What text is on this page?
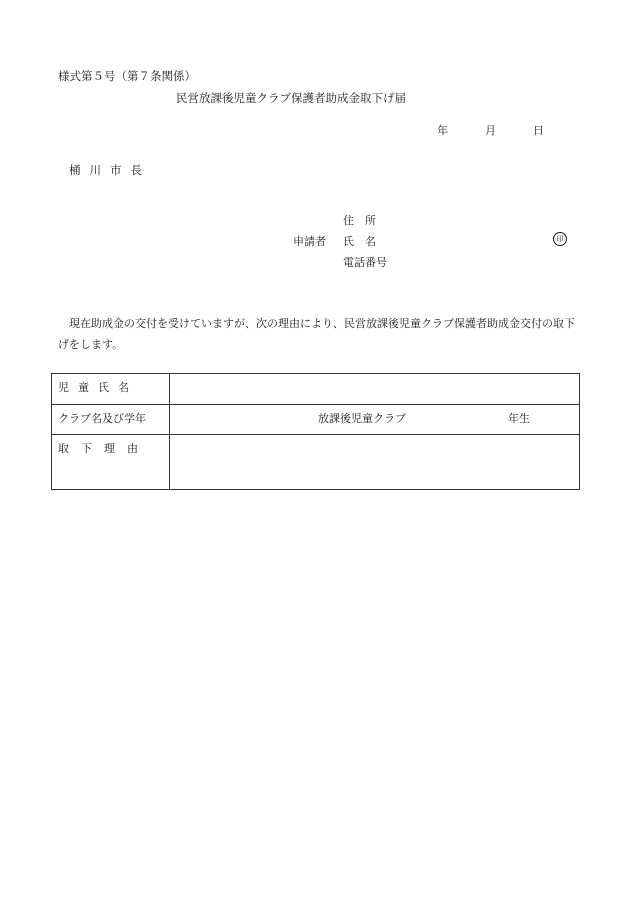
様式第５号（第７条関係）
民営放課後児童クラブ保護者助成金取下げ届
年	月	日
桶川市長
住所
申請者 氏名
電話番号
印
現在助成金の交付を受けていますが、次の理由により、民営放課後児童クラブ保護者助成金交付の取下げをします。
児童氏名	
クラブ名及び学年	放課後児童クラブ 年生

取下理由	
